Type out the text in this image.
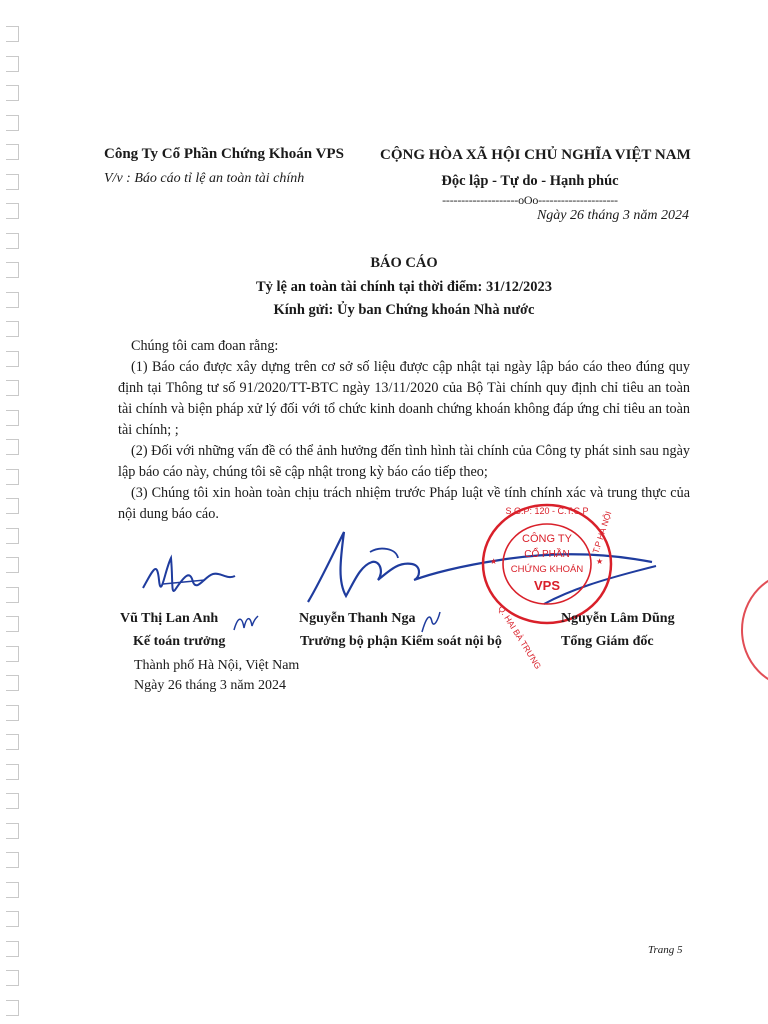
Công Ty Cổ Phần Chứng Khoán VPS
V/v : Báo cáo tỉ lệ an toàn tài chính
CỘNG HÒA XÃ HỘI CHỦ NGHĨA VIỆT NAM
Độc lập - Tự do - Hạnh phúc
--------------------oOo---------------------
Ngày 26 tháng 3 năm 2024
BÁO CÁO
Tỷ lệ an toàn tài chính tại thời điểm: 31/12/2023
Kính gửi: Ủy ban Chứng khoán Nhà nước
Chúng tôi cam đoan rằng:
(1) Báo cáo được xây dựng trên cơ sở số liệu được cập nhật tại ngày lập báo cáo theo đúng quy định tại Thông tư số 91/2020/TT-BTC ngày 13/11/2020 của Bộ Tài chính quy định chỉ tiêu an toàn tài chính và biện pháp xử lý đối với tổ chức kinh doanh chứng khoán không đáp ứng chỉ tiêu an toàn tài chính; ;
(2) Đối với những vấn đề có thể ảnh hưởng đến tình hình tài chính của Công ty phát sinh sau ngày lập báo cáo này, chúng tôi sẽ cập nhật trong kỳ báo cáo tiếp theo;
(3) Chúng tôi xin hoàn toàn chịu trách nhiệm trước Pháp luật về tính chính xác và trung thực của nội dung báo cáo.	S.G.P: 120 - C.T.C.P
Q. HAI BÀ TRƯNG
T.P HÀ NỘI
CÔNG TY
CỔ PHẦN
CHỨNG KHOÁN
VPS
★	★
Vũ Thị Lan Anh
Kế toán trưởng
Nguyễn Thanh Nga
Trưởng bộ phận Kiểm soát nội bộ
Nguyễn Lâm Dũng
Tổng Giám đốc
Thành phố Hà Nội, Việt Nam
Ngày 26 tháng 3 năm 2024
Trang 5
